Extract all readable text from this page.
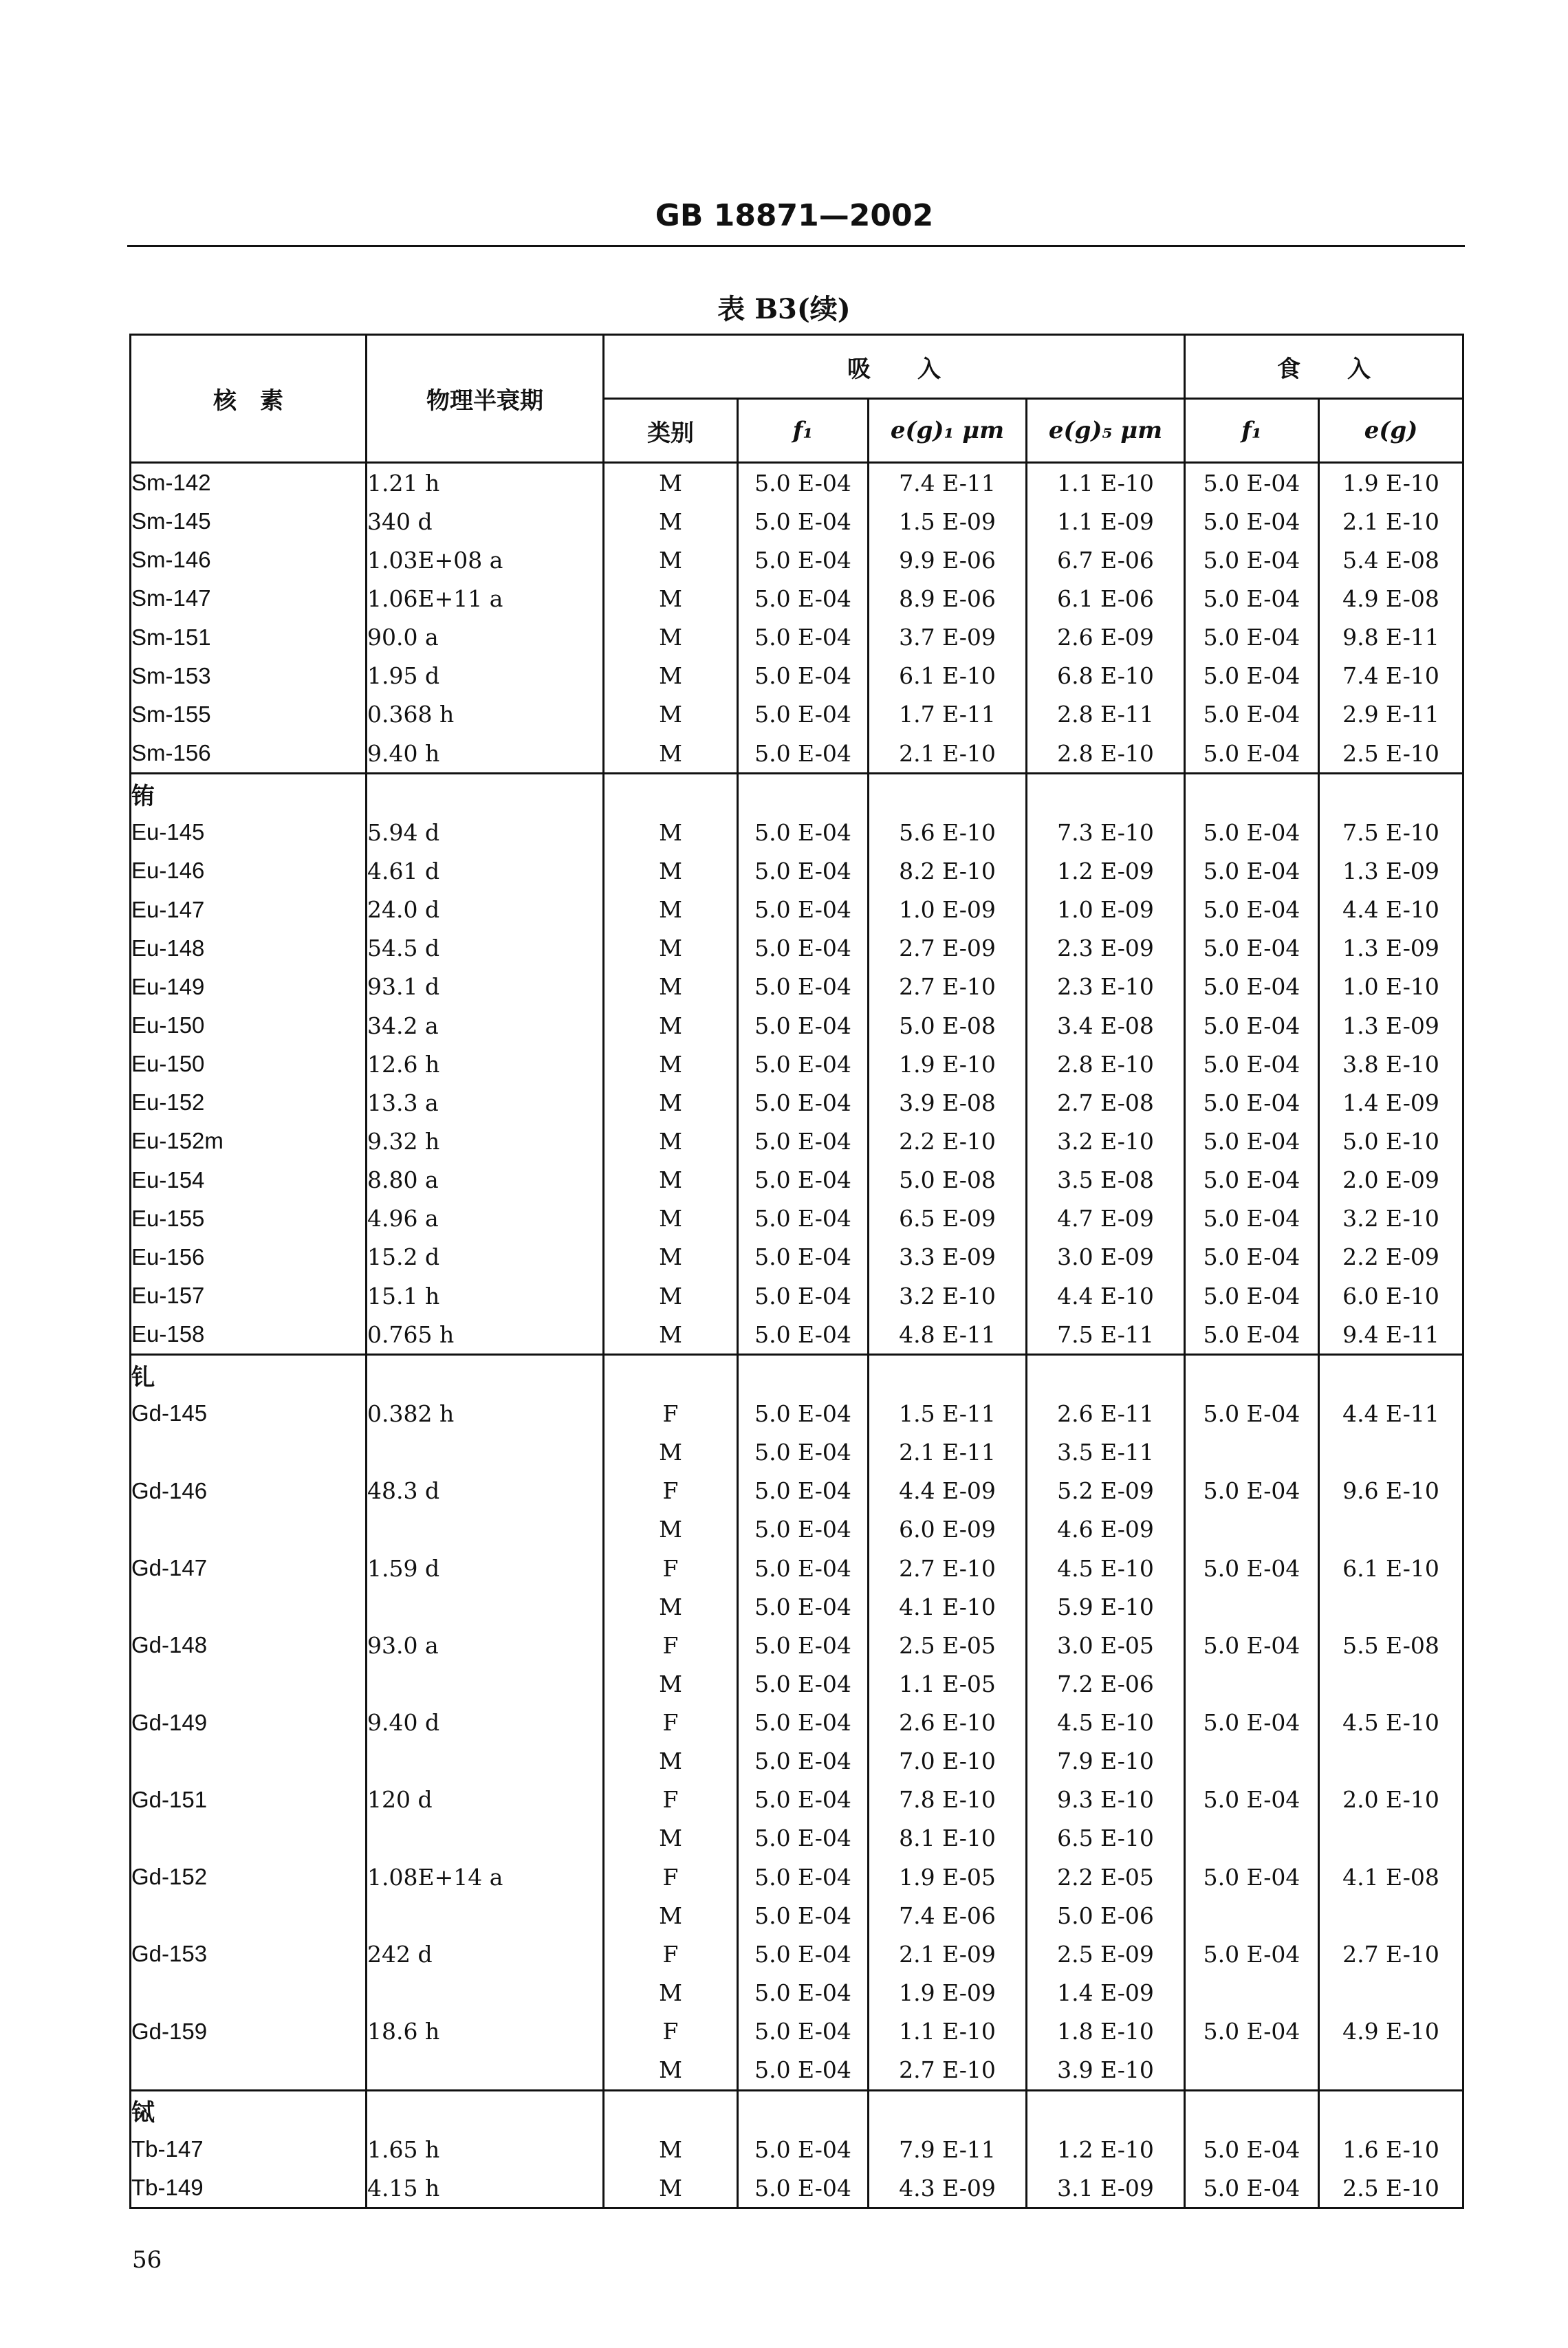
GB 18871—2002
表 B3(续)
核　素	物理半衰期	吸　　入				食　　入	
		类别	f₁	e(g)₁ μm	e(g)₅ μm	f₁	e(g)
Sm-142	1.21 h	M	5.0 E-04	7.4 E-11	1.1 E-10	5.0 E-04	1.9 E-10
Sm-145	340 d	M	5.0 E-04	1.5 E-09	1.1 E-09	5.0 E-04	2.1 E-10
Sm-146	1.03E+08 a	M	5.0 E-04	9.9 E-06	6.7 E-06	5.0 E-04	5.4 E-08
Sm-147	1.06E+11 a	M	5.0 E-04	8.9 E-06	6.1 E-06	5.0 E-04	4.9 E-08
Sm-151	90.0 a	M	5.0 E-04	3.7 E-09	2.6 E-09	5.0 E-04	9.8 E-11
Sm-153	1.95 d	M	5.0 E-04	6.1 E-10	6.8 E-10	5.0 E-04	7.4 E-10
Sm-155	0.368 h	M	5.0 E-04	1.7 E-11	2.8 E-11	5.0 E-04	2.9 E-11
Sm-156	9.40 h	M	5.0 E-04	2.1 E-10	2.8 E-10	5.0 E-04	2.5 E-10
铕							
Eu-145	5.94 d	M	5.0 E-04	5.6 E-10	7.3 E-10	5.0 E-04	7.5 E-10
Eu-146	4.61 d	M	5.0 E-04	8.2 E-10	1.2 E-09	5.0 E-04	1.3 E-09
Eu-147	24.0 d	M	5.0 E-04	1.0 E-09	1.0 E-09	5.0 E-04	4.4 E-10
Eu-148	54.5 d	M	5.0 E-04	2.7 E-09	2.3 E-09	5.0 E-04	1.3 E-09
Eu-149	93.1 d	M	5.0 E-04	2.7 E-10	2.3 E-10	5.0 E-04	1.0 E-10
Eu-150	34.2 a	M	5.0 E-04	5.0 E-08	3.4 E-08	5.0 E-04	1.3 E-09
Eu-150	12.6 h	M	5.0 E-04	1.9 E-10	2.8 E-10	5.0 E-04	3.8 E-10
Eu-152	13.3 a	M	5.0 E-04	3.9 E-08	2.7 E-08	5.0 E-04	1.4 E-09
Eu-152m	9.32 h	M	5.0 E-04	2.2 E-10	3.2 E-10	5.0 E-04	5.0 E-10
Eu-154	8.80 a	M	5.0 E-04	5.0 E-08	3.5 E-08	5.0 E-04	2.0 E-09
Eu-155	4.96 a	M	5.0 E-04	6.5 E-09	4.7 E-09	5.0 E-04	3.2 E-10
Eu-156	15.2 d	M	5.0 E-04	3.3 E-09	3.0 E-09	5.0 E-04	2.2 E-09
Eu-157	15.1 h	M	5.0 E-04	3.2 E-10	4.4 E-10	5.0 E-04	6.0 E-10
Eu-158	0.765 h	M	5.0 E-04	4.8 E-11	7.5 E-11	5.0 E-04	9.4 E-11
钆							
Gd-145	0.382 h	F	5.0 E-04	1.5 E-11	2.6 E-11	5.0 E-04	4.4 E-11
		M	5.0 E-04	2.1 E-11	3.5 E-11		
Gd-146	48.3 d	F	5.0 E-04	4.4 E-09	5.2 E-09	5.0 E-04	9.6 E-10
		M	5.0 E-04	6.0 E-09	4.6 E-09		
Gd-147	1.59 d	F	5.0 E-04	2.7 E-10	4.5 E-10	5.0 E-04	6.1 E-10
		M	5.0 E-04	4.1 E-10	5.9 E-10		
Gd-148	93.0 a	F	5.0 E-04	2.5 E-05	3.0 E-05	5.0 E-04	5.5 E-08
		M	5.0 E-04	1.1 E-05	7.2 E-06		
Gd-149	9.40 d	F	5.0 E-04	2.6 E-10	4.5 E-10	5.0 E-04	4.5 E-10
		M	5.0 E-04	7.0 E-10	7.9 E-10		
Gd-151	120 d	F	5.0 E-04	7.8 E-10	9.3 E-10	5.0 E-04	2.0 E-10
		M	5.0 E-04	8.1 E-10	6.5 E-10		
Gd-152	1.08E+14 a	F	5.0 E-04	1.9 E-05	2.2 E-05	5.0 E-04	4.1 E-08
		M	5.0 E-04	7.4 E-06	5.0 E-06		
Gd-153	242 d	F	5.0 E-04	2.1 E-09	2.5 E-09	5.0 E-04	2.7 E-10
		M	5.0 E-04	1.9 E-09	1.4 E-09		
Gd-159	18.6 h	F	5.0 E-04	1.1 E-10	1.8 E-10	5.0 E-04	4.9 E-10
		M	5.0 E-04	2.7 E-10	3.9 E-10		
铽							
Tb-147	1.65 h	M	5.0 E-04	7.9 E-11	1.2 E-10	5.0 E-04	1.6 E-10
Tb-149	4.15 h	M	5.0 E-04	4.3 E-09	3.1 E-09	5.0 E-04	2.5 E-10
56
